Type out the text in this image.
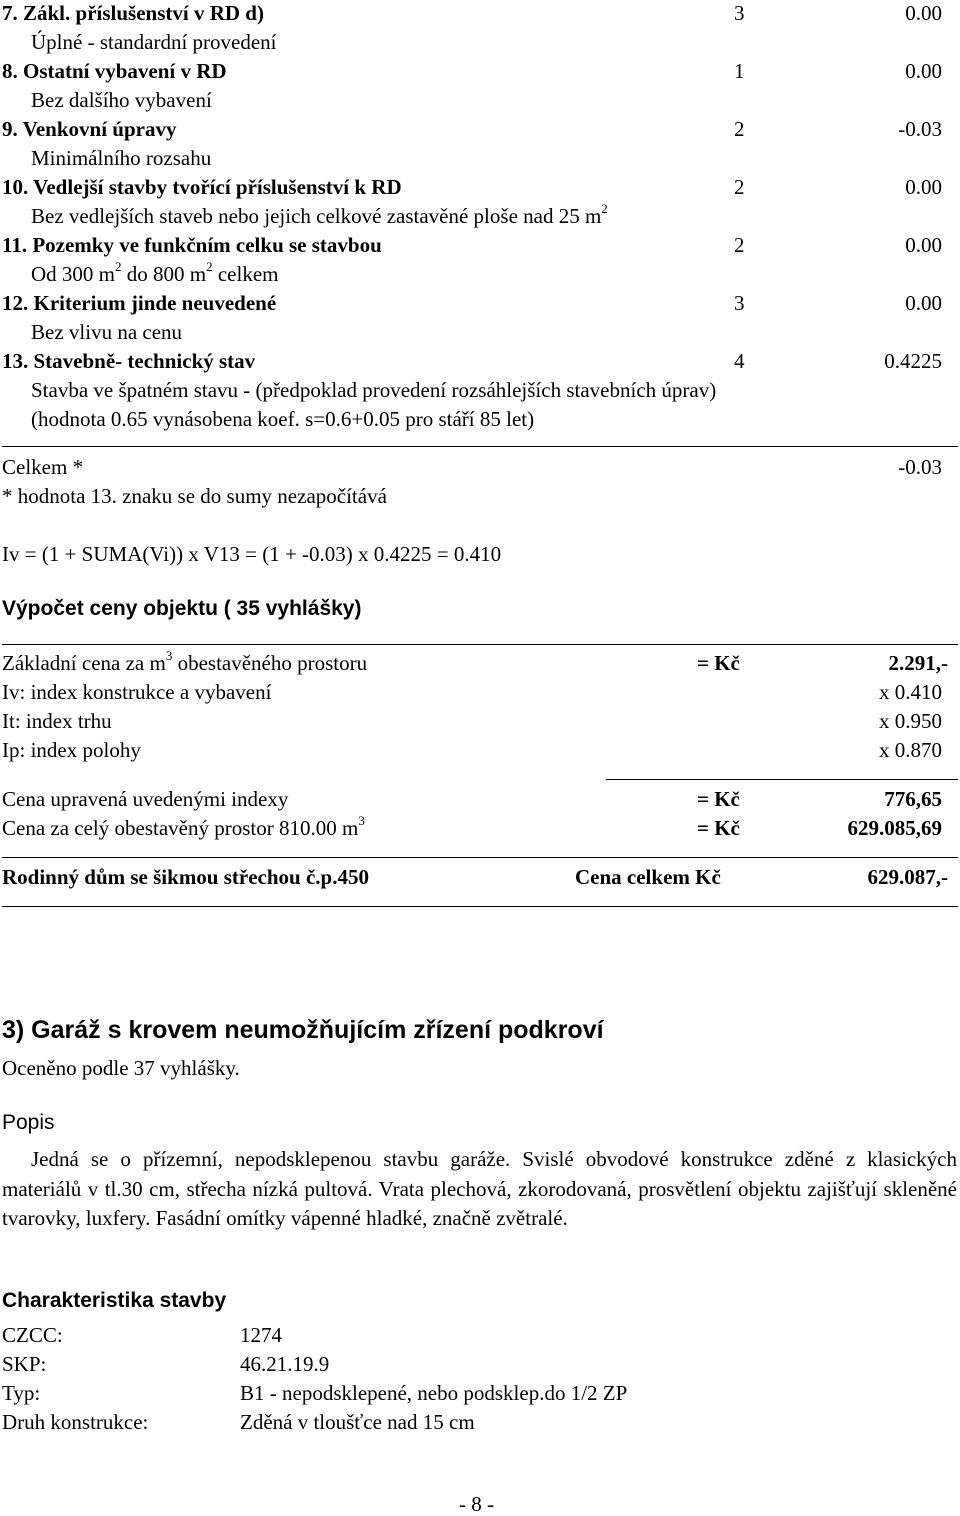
7. Zákl. příslušenství v RD d)	3	0.00
Úplné - standardní provedení
8. Ostatní vybavení v RD	1	0.00
Bez dalšího vybavení
9. Venkovní úpravy	2	-0.03
Minimálního rozsahu
10. Vedlejší stavby tvořící příslušenství k RD	2	0.00
Bez vedlejších staveb nebo jejich celkové zastavěné ploše nad 25 $m^2$
11. Pozemky ve funkčním celku se stavbou	2	0.00
Od 300 $m^2$ do 800 $m^2$ celkem
12. Kriterium jinde neuvedené	3	0.00
Bez vlivu na cenu
13. Stavebně- technický stav	4	0.4225
Stavba ve špatném stavu - (předpoklad provedení rozsáhlejších stavebních úprav)
(hodnota 0.65 vynásobena koef. s=0.6+0.05 pro stáří 85 let)
Celkem *	-0.03
* hodnota 13. znaku se do sumy nezapočítává
Iv = (1 + SUMA(Vi)) x V13 = (1 + -0.03) x 0.4225 = 0.410
Výpočet ceny objektu ( 35 vyhlášky)
Základní cena za $m^3$ obestavěného prostoru	= Kč	2.291,-
Iv: index konstrukce a vybavení	x 0.410
It: index trhu	x 0.950
Ip: index polohy	x 0.870
Cena upravená uvedenými indexy	= Kč	776,65
Cena za celý obestavěný prostor 810.00 $m^3$	= Kč	629.085,69
Rodinný dům se šikmou střechou č.p.450	Cena celkem Kč	629.087,-
3) Garáž s krovem neumožňujícím zřízení podkroví
Oceněno podle 37 vyhlášky.
Popis
Jedná se o přízemní, nepodsklepenou stavbu garáže. Svislé obvodové konstrukce zděné z klasických materiálů v tl.30 cm, střecha nízká pultová. Vrata plechová, zkorodovaná, prosvětlení objektu zajišťují skleněné tvarovky, luxfery. Fasádní omítky vápenné hladké, značně zvětralé.
Charakteristika stavby
CZCC:	1274
SKP:	46.21.19.9
Typ:	B1 - nepodsklepené, nebo podsklep.do 1/2 ZP
Druh konstrukce:	Zděná v tloušťce nad 15 cm
- 8 -
